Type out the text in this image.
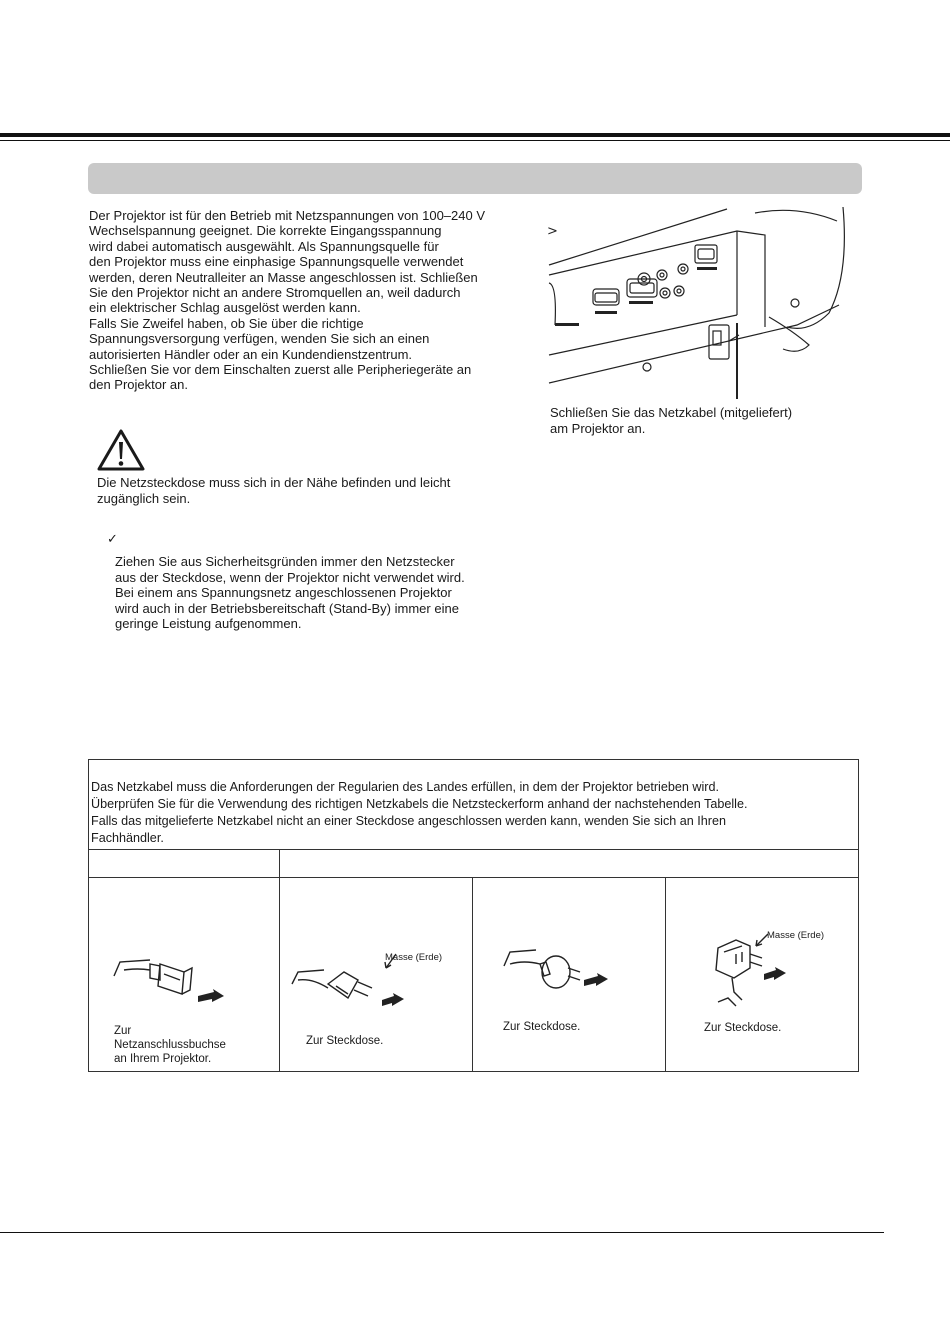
Der Projektor ist für den Betrieb mit Netzspannungen von 100–240 V
Wechselspannung geeignet. Die korrekte Eingangsspannung
wird dabei automatisch ausgewählt. Als Spannungsquelle für
den Projektor muss eine einphasige Spannungsquelle verwendet
werden, deren Neutralleiter an Masse angeschlossen ist. Schließen
Sie den Projektor nicht an andere Stromquellen an, weil dadurch
ein elektrischer Schlag ausgelöst werden kann.
Falls Sie Zweifel haben, ob Sie über die richtige
Spannungsversorgung verfügen, wenden Sie sich an einen
autorisierten Händler oder an ein Kundendienstzentrum.
Schließen Sie vor dem Einschalten zuerst alle Peripheriegeräte an
den Projektor an.
Die Netzsteckdose muss sich in der Nähe befinden und leicht
zugänglich sein.
✓
Ziehen Sie aus Sicherheitsgründen immer den Netzstecker
aus der Steckdose, wenn der Projektor nicht verwendet wird.
Bei einem ans Spannungsnetz angeschlossenen Projektor
wird auch in der Betriebsbereitschaft (Stand-By) immer eine
geringe Leistung aufgenommen.
>
Schließen Sie das Netzkabel (mitgeliefert)
am Projektor an.
Das Netzkabel muss die Anforderungen der Regularien des Landes erfüllen, in dem der Projektor betrieben wird.
Überprüfen Sie für die Verwendung des richtigen Netzkabels die Netzsteckerform anhand der nachstehenden Tabelle.
Falls das mitgelieferte Netzkabel nicht an einer Steckdose angeschlossen werden kann, wenden Sie sich an Ihren
Fachhändler.
Zur
Netzanschlussbuchse
an Ihrem Projektor.
Masse (Erde)
Zur Steckdose.
Zur Steckdose.
Masse (Erde)
Zur Steckdose.
